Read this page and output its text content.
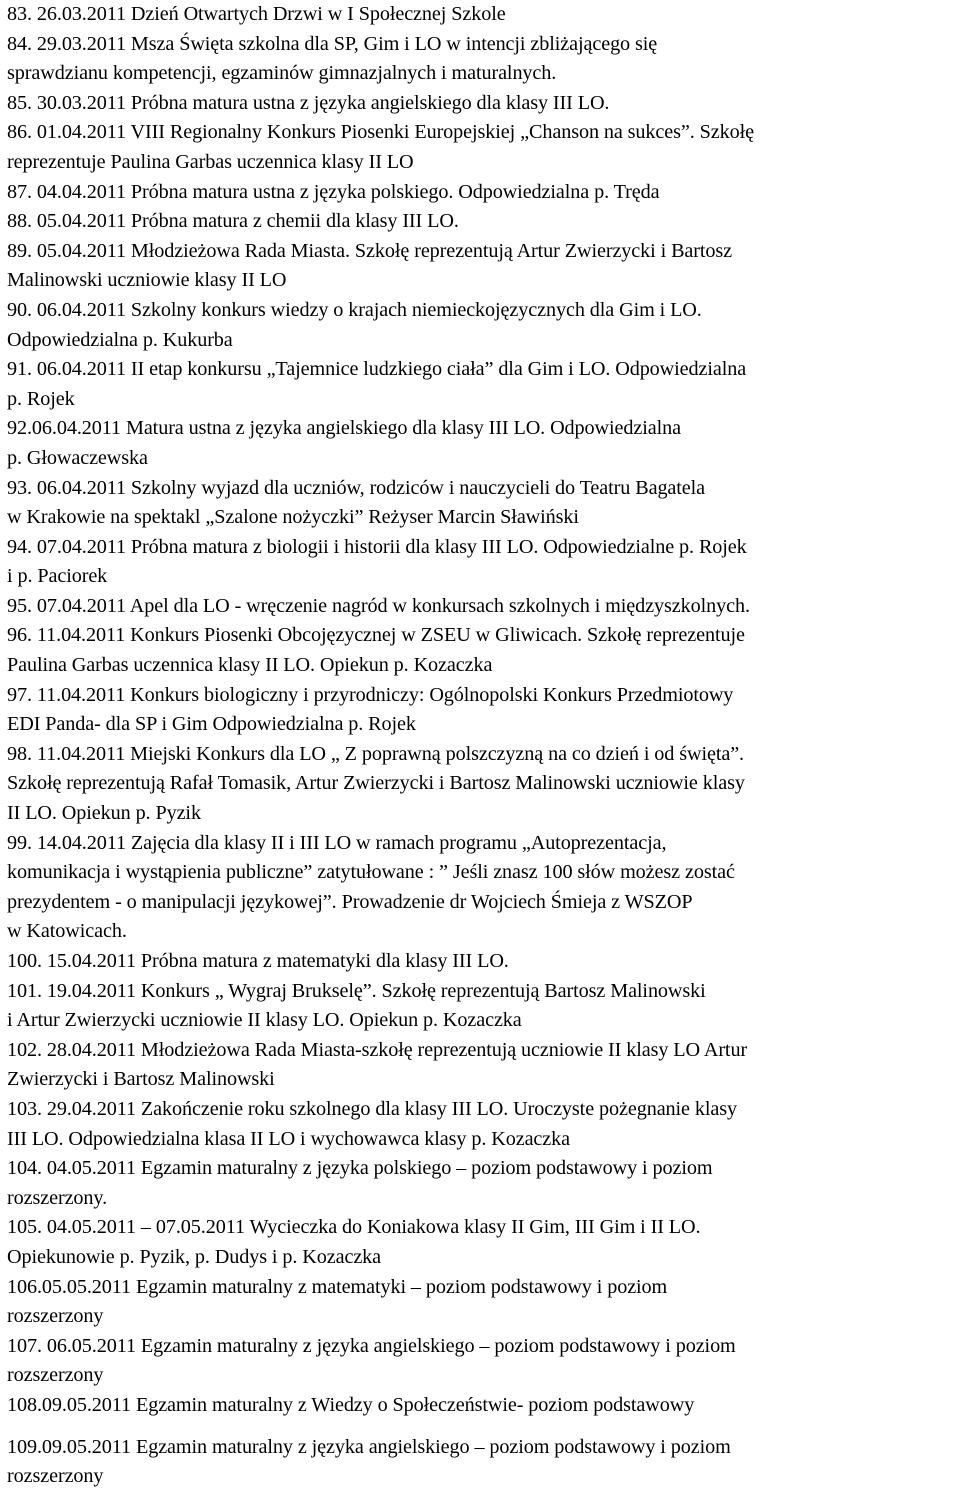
83. 26.03.2011 Dzień Otwartych Drzwi w I Społecznej Szkole
84. 29.03.2011 Msza Święta szkolna dla SP, Gim i LO w intencji zbliżającego się
sprawdzianu kompetencji, egzaminów gimnazjalnych i maturalnych.
85. 30.03.2011 Próbna matura ustna z języka angielskiego dla klasy III LO.
86. 01.04.2011 VIII Regionalny Konkurs Piosenki Europejskiej „Chanson na sukces”. Szkołę
reprezentuje Paulina Garbas uczennica klasy II LO
87. 04.04.2011 Próbna matura ustna z języka polskiego. Odpowiedzialna p. Tręda
88. 05.04.2011 Próbna matura z chemii dla klasy III LO.
89. 05.04.2011 Młodzieżowa Rada Miasta. Szkołę reprezentują Artur Zwierzycki i Bartosz
Malinowski uczniowie klasy II LO
90. 06.04.2011 Szkolny konkurs wiedzy o krajach niemieckojęzycznych dla Gim i LO.
Odpowiedzialna p. Kukurba
91. 06.04.2011 II etap konkursu „Tajemnice ludzkiego ciała” dla Gim i LO. Odpowiedzialna
p. Rojek
92.06.04.2011 Matura ustna z języka angielskiego dla klasy III LO. Odpowiedzialna
p. Głowaczewska
93. 06.04.2011 Szkolny wyjazd dla uczniów, rodziców i nauczycieli do Teatru Bagatela
w Krakowie na spektakl „Szalone nożyczki” Reżyser Marcin Sławiński
94. 07.04.2011 Próbna matura z biologii i historii dla klasy III LO. Odpowiedzialne p. Rojek
i p. Paciorek
95. 07.04.2011 Apel dla LO - wręczenie nagród w konkursach szkolnych i międzyszkolnych.
96. 11.04.2011 Konkurs Piosenki Obcojęzycznej w ZSEU w Gliwicach. Szkołę reprezentuje
Paulina Garbas uczennica klasy II LO. Opiekun p. Kozaczka
97. 11.04.2011 Konkurs biologiczny i przyrodniczy: Ogólnopolski Konkurs Przedmiotowy
EDI Panda- dla SP i Gim Odpowiedzialna p. Rojek
98. 11.04.2011 Miejski Konkurs dla LO „ Z poprawną polszczyzną na co dzień i od święta”.
Szkołę reprezentują Rafał Tomasik, Artur Zwierzycki i Bartosz Malinowski uczniowie klasy
II LO. Opiekun p. Pyzik
99. 14.04.2011 Zajęcia dla klasy II i III LO w ramach programu „Autoprezentacja,
komunikacja i wystąpienia publiczne” zatytułowane : ” Jeśli znasz 100 słów możesz zostać
prezydentem - o manipulacji językowej”. Prowadzenie dr Wojciech Śmieja z WSZOP
w Katowicach.
100. 15.04.2011 Próbna matura z matematyki dla klasy III LO.
101. 19.04.2011 Konkurs „ Wygraj Brukselę”. Szkołę reprezentują Bartosz Malinowski
i Artur Zwierzycki uczniowie II klasy LO. Opiekun p. Kozaczka
102. 28.04.2011 Młodzieżowa Rada Miasta-szkołę reprezentują uczniowie II klasy LO Artur
Zwierzycki i Bartosz Malinowski
103. 29.04.2011 Zakończenie roku szkolnego dla klasy III LO. Uroczyste pożegnanie klasy
III LO. Odpowiedzialna klasa II LO i wychowawca klasy p. Kozaczka
104. 04.05.2011 Egzamin maturalny z języka polskiego – poziom podstawowy i poziom
rozszerzony.
105. 04.05.2011 – 07.05.2011 Wycieczka do Koniakowa klasy II Gim, III Gim i II LO.
Opiekunowie p. Pyzik, p. Dudys i p. Kozaczka
106.05.05.2011 Egzamin maturalny z matematyki – poziom podstawowy i poziom
rozszerzony
107. 06.05.2011 Egzamin maturalny z języka angielskiego – poziom podstawowy i poziom
rozszerzony
108.09.05.2011 Egzamin maturalny z Wiedzy o Społeczeństwie- poziom podstawowy
109.09.05.2011 Egzamin maturalny z języka angielskiego – poziom podstawowy i poziom
rozszerzony
